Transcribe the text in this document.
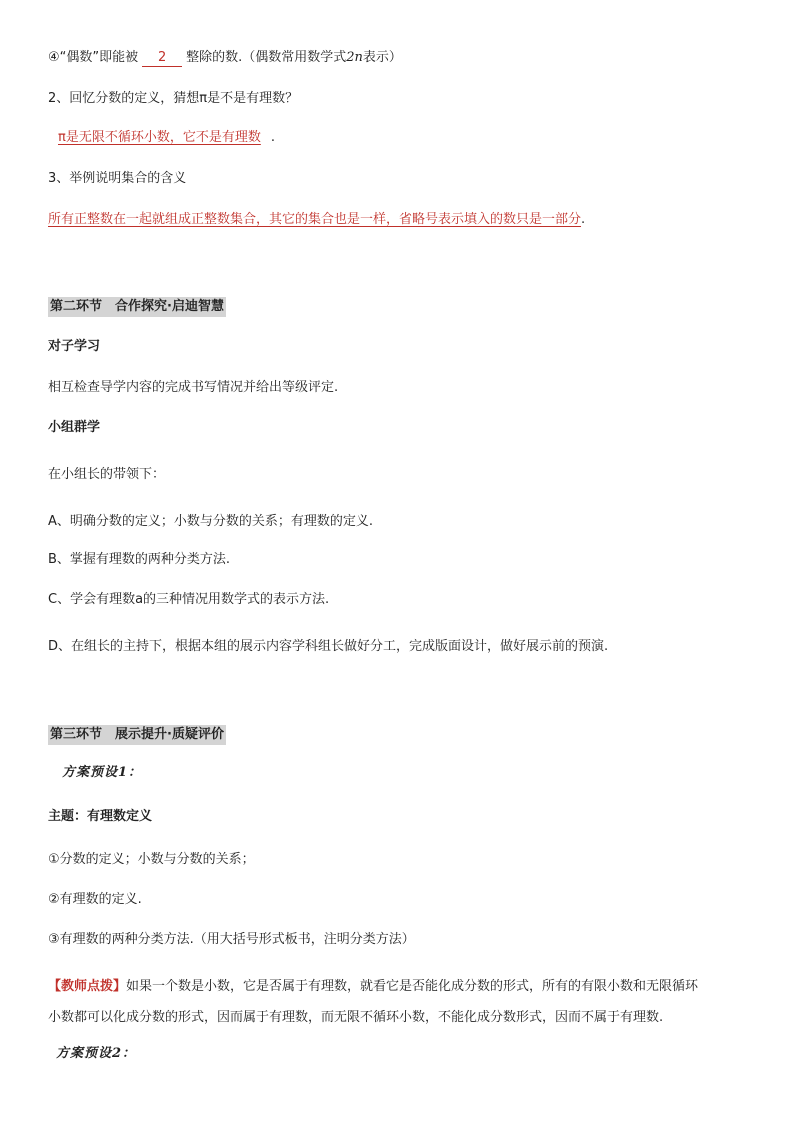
④“偶数”即能被 2 整除的数.（偶数常用数学式2n表示）
2、回忆分数的定义，猜想π是不是有理数？
π是无限不循环小数，它不是有理数 .
3、举例说明集合的含义
所有正整数在一起就组成正整数集合，其它的集合也是一样，省略号表示填入的数只是一部分.
第二环节　合作探究·启迪智慧
对子学习
相互检查导学内容的完成书写情况并给出等级评定.
小组群学
在小组长的带领下：
A、明确分数的定义；小数与分数的关系；有理数的定义.
B、掌握有理数的两种分类方法.
C、学会有理数a的三种情况用数学式的表示方法.
D、在组长的主持下，根据本组的展示内容学科组长做好分工，完成版面设计，做好展示前的预演.
第三环节　展示提升·质疑评价
方案预设1：
主题：有理数定义
①分数的定义；小数与分数的关系；
②有理数的定义.
③有理数的两种分类方法.（用大括号形式板书，注明分类方法）
【教师点拨】如果一个数是小数，它是否属于有理数，就看它是否能化成分数的形式，所有的有限小数和无限循环
小数都可以化成分数的形式，因而属于有理数，而无限不循环小数，不能化成分数形式，因而不属于有理数.
方案预设2：
